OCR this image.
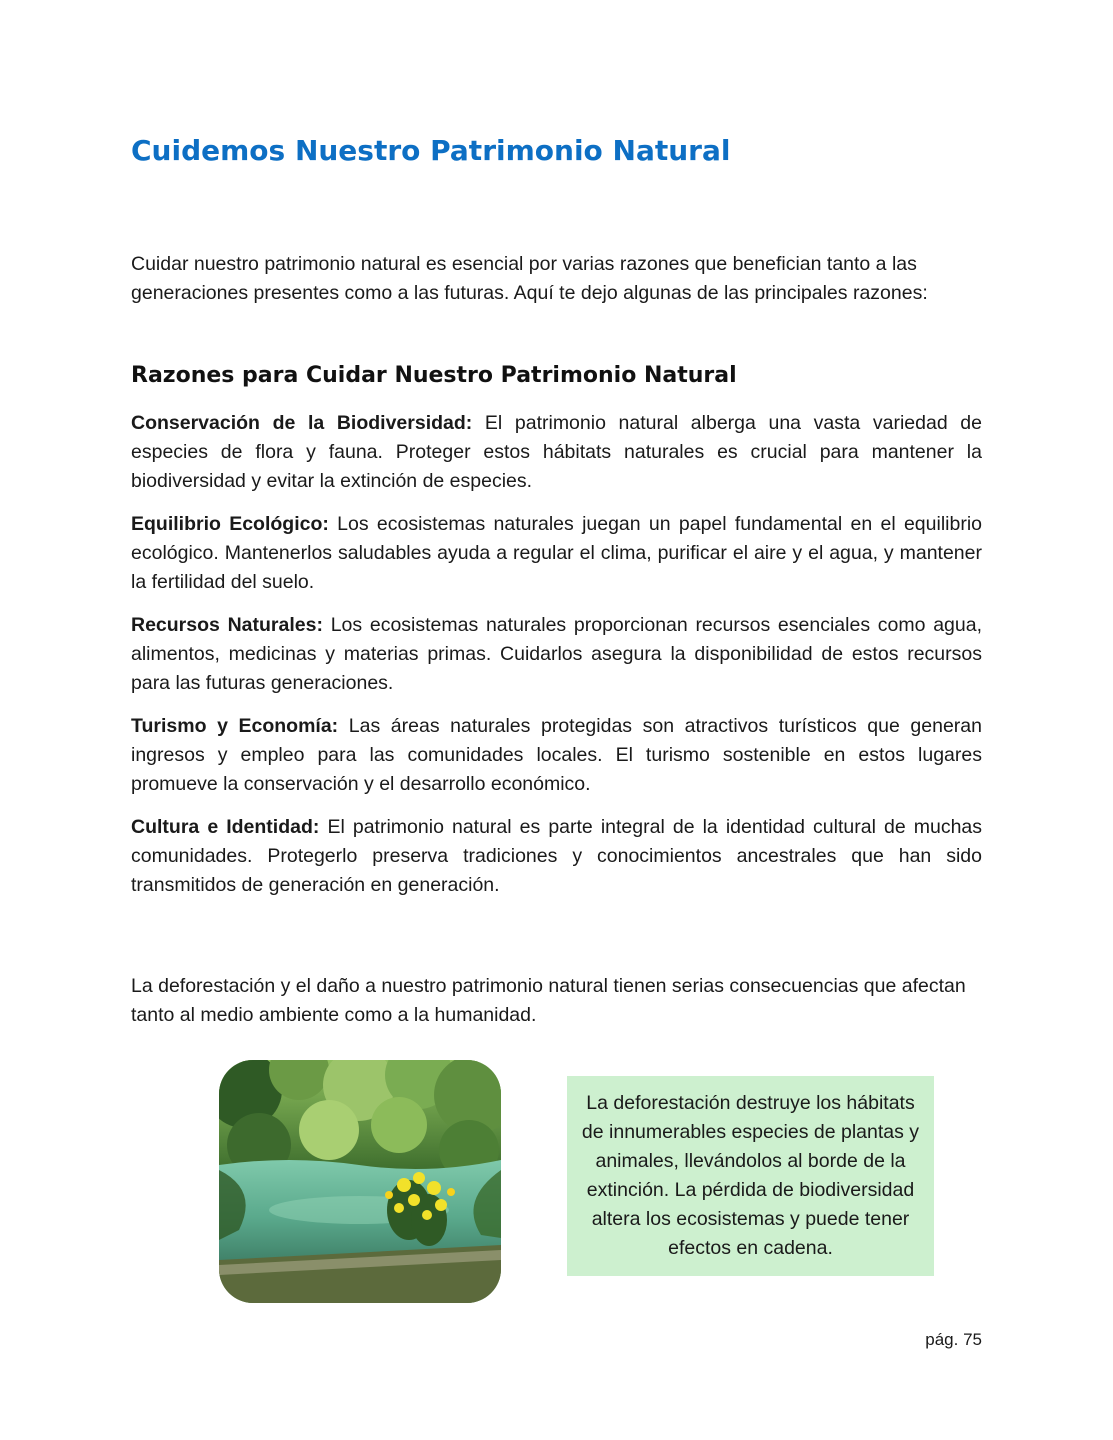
Cuidemos Nuestro Patrimonio Natural

Cuidar nuestro patrimonio natural es esencial por varias razones que benefician tanto a las generaciones presentes como a las futuras. Aquí te dejo algunas de las principales razones:

Razones para Cuidar Nuestro Patrimonio Natural

Conservación de la Biodiversidad: El patrimonio natural alberga una vasta variedad de especies de flora y fauna. Proteger estos hábitats naturales es crucial para mantener la biodiversidad y evitar la extinción de especies.

Equilibrio Ecológico: Los ecosistemas naturales juegan un papel fundamental en el equilibrio ecológico. Mantenerlos saludables ayuda a regular el clima, purificar el aire y el agua, y mantener la fertilidad del suelo.

Recursos Naturales: Los ecosistemas naturales proporcionan recursos esenciales como agua, alimentos, medicinas y materias primas. Cuidarlos asegura la disponibilidad de estos recursos para las futuras generaciones.

Turismo y Economía: Las áreas naturales protegidas son atractivos turísticos que generan ingresos y empleo para las comunidades locales. El turismo sostenible en estos lugares promueve la conservación y el desarrollo económico.

Cultura e Identidad: El patrimonio natural es parte integral de la identidad cultural de muchas comunidades. Protegerlo preserva tradiciones y conocimientos ancestrales que han sido transmitidos de generación en generación.

La deforestación y el daño a nuestro patrimonio natural tienen serias consecuencias que afectan tanto al medio ambiente como a la humanidad.

La deforestación destruye los hábitats de innumerables especies de plantas y animales, llevándolos al borde de la extinción. La pérdida de biodiversidad altera los ecosistemas y puede tener efectos en cadena.

pág. 75
